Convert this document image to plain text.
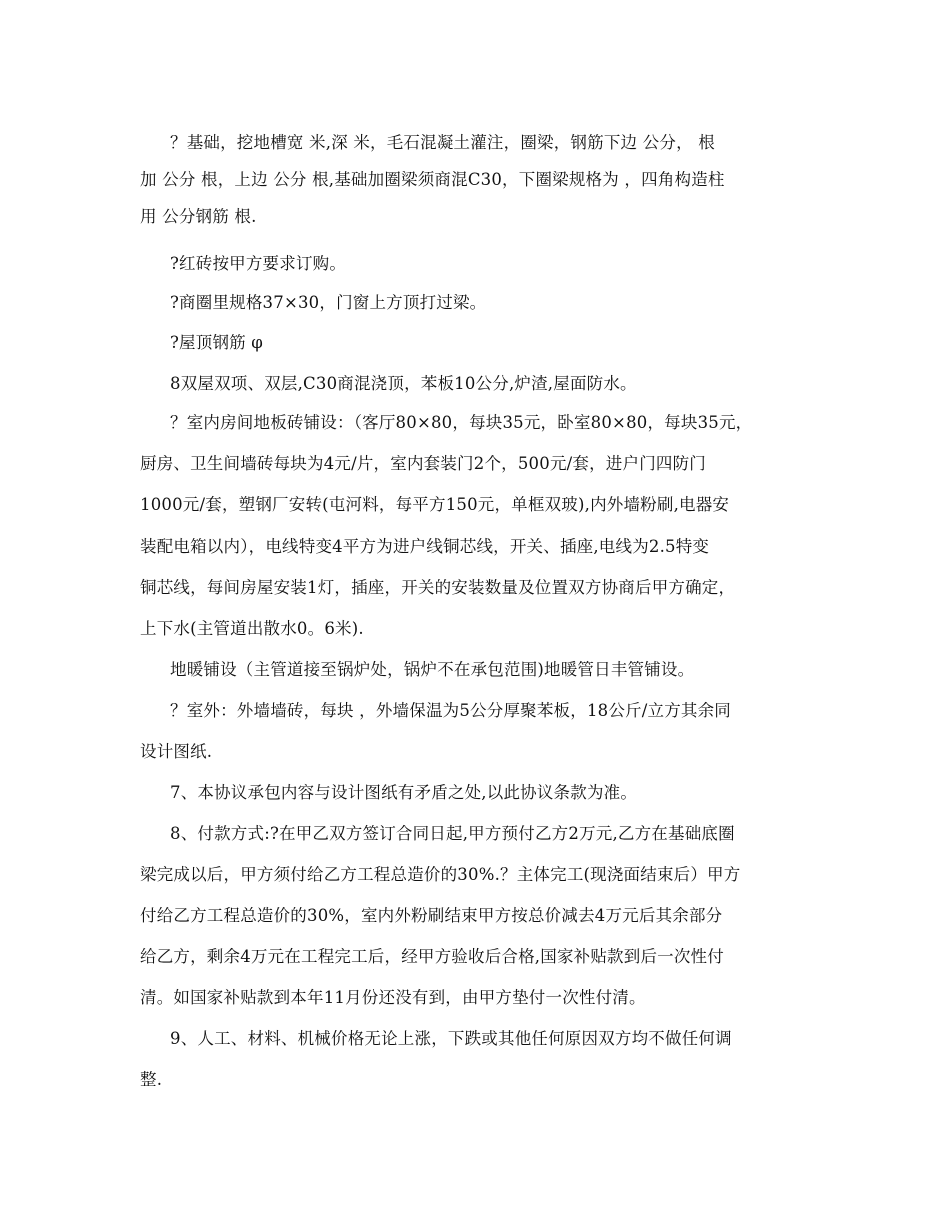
？基础，挖地槽宽 米,深 米，毛石混凝土灌注，圈梁，钢筋下边 公分， 根
加 公分 根，上边 公分 根,基础加圈梁须商混C30，下圈梁规格为 ，四角构造柱
用 公分钢筋 根.
?红砖按甲方要求订购。
?商圈里规格37×30，门窗上方顶打过梁。
?屋顶钢筋 φ
8双屋双项、双层,C30商混浇顶，苯板10公分,炉渣,屋面防水。
？室内房间地板砖铺设：（客厅80×80，每块35元，卧室80×80，每块35元，
厨房、卫生间墙砖每块为4元/片，室内套装门2个，500元/套，进户门四防门
1000元/套，塑钢厂安转(屯河料，每平方150元，单框双玻),内外墙粉刷,电器安
装配电箱以内），电线特变4平方为进户线铜芯线，开关、插座,电线为2.5特变
铜芯线，每间房屋安装1灯，插座，开关的安装数量及位置双方协商后甲方确定，
上下水(主管道出散水0。6米).
地暖铺设（主管道接至锅炉处，锅炉不在承包范围)地暖管日丰管铺设。
？室外：外墙墙砖，每块 ，外墙保温为5公分厚聚苯板，18公斤/立方其余同
设计图纸.
7、本协议承包内容与设计图纸有矛盾之处,以此协议条款为准。
8、付款方式:?在甲乙双方签订合同日起,甲方预付乙方2万元,乙方在基础底圈
梁完成以后，甲方须付给乙方工程总造价的30%.？主体完工(现浇面结束后）甲方
付给乙方工程总造价的30%，室内外粉刷结束甲方按总价减去4万元后其余部分
给乙方，剩余4万元在工程完工后，经甲方验收后合格,国家补贴款到后一次性付
清。如国家补贴款到本年11月份还没有到，由甲方垫付一次性付清。
9、人工、材料、机械价格无论上涨，下跌或其他任何原因双方均不做任何调
整.
